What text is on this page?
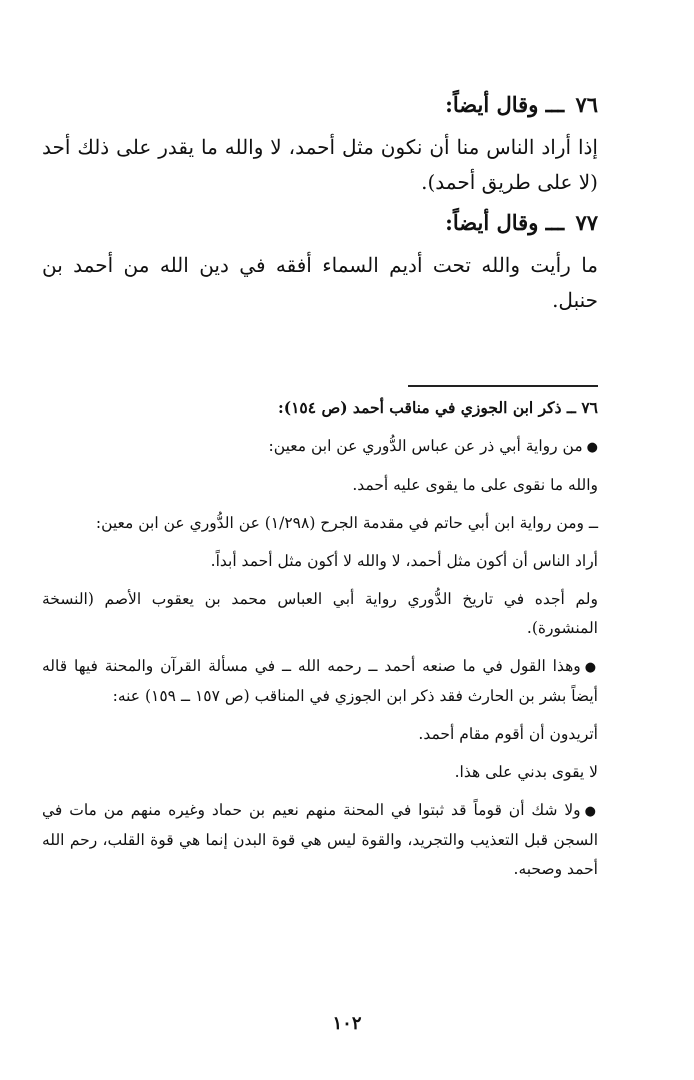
٧٦ ـــ وقال أيضاً:

إذا أراد الناس منا أن نكون مثل أحمد، لا والله ما يقدر على ذلك أحد (لا على طريق أحمد).

٧٧ ـــ وقال أيضاً:

ما رأيت والله تحت أديم السماء أفقه في دين الله من أحمد بن حنبل.

٧٦ ــ ذكر ابن الجوزي في مناقب أحمد (ص ١٥٤):

●من رواية أبي ذر عن عباس الدُّوري عن ابن معين:

والله ما نقوى على ما يقوى عليه أحمد.

ــ ومن رواية ابن أبي حاتم في مقدمة الجرح (١/٢٩٨) عن الدُّوري عن ابن معين:

أراد الناس أن أكون مثل أحمد، لا والله لا أكون مثل أحمد أبداً.

ولم أجده في تاريخ الدُّوري رواية أبي العباس محمد بن يعقوب الأصم (النسخة المنشورة).

●وهذا القول في ما صنعه أحمد ــ رحمه الله ــ في مسألة القرآن والمحنة فيها قاله أيضاً بشر بن الحارث فقد ذكر ابن الجوزي في المناقب (ص ١٥٧ ــ ١٥٩) عنه:

أتريدون أن أقوم مقام أحمد.

لا يقوى بدني على هذا.

●ولا شك أن قوماً قد ثبتوا في المحنة منهم نعيم بن حماد وغيره منهم من مات في السجن قبل التعذيب والتجريد، والقوة ليس هي قوة البدن إنما هي قوة القلب، رحم الله أحمد وصحبه.

١٠٢
